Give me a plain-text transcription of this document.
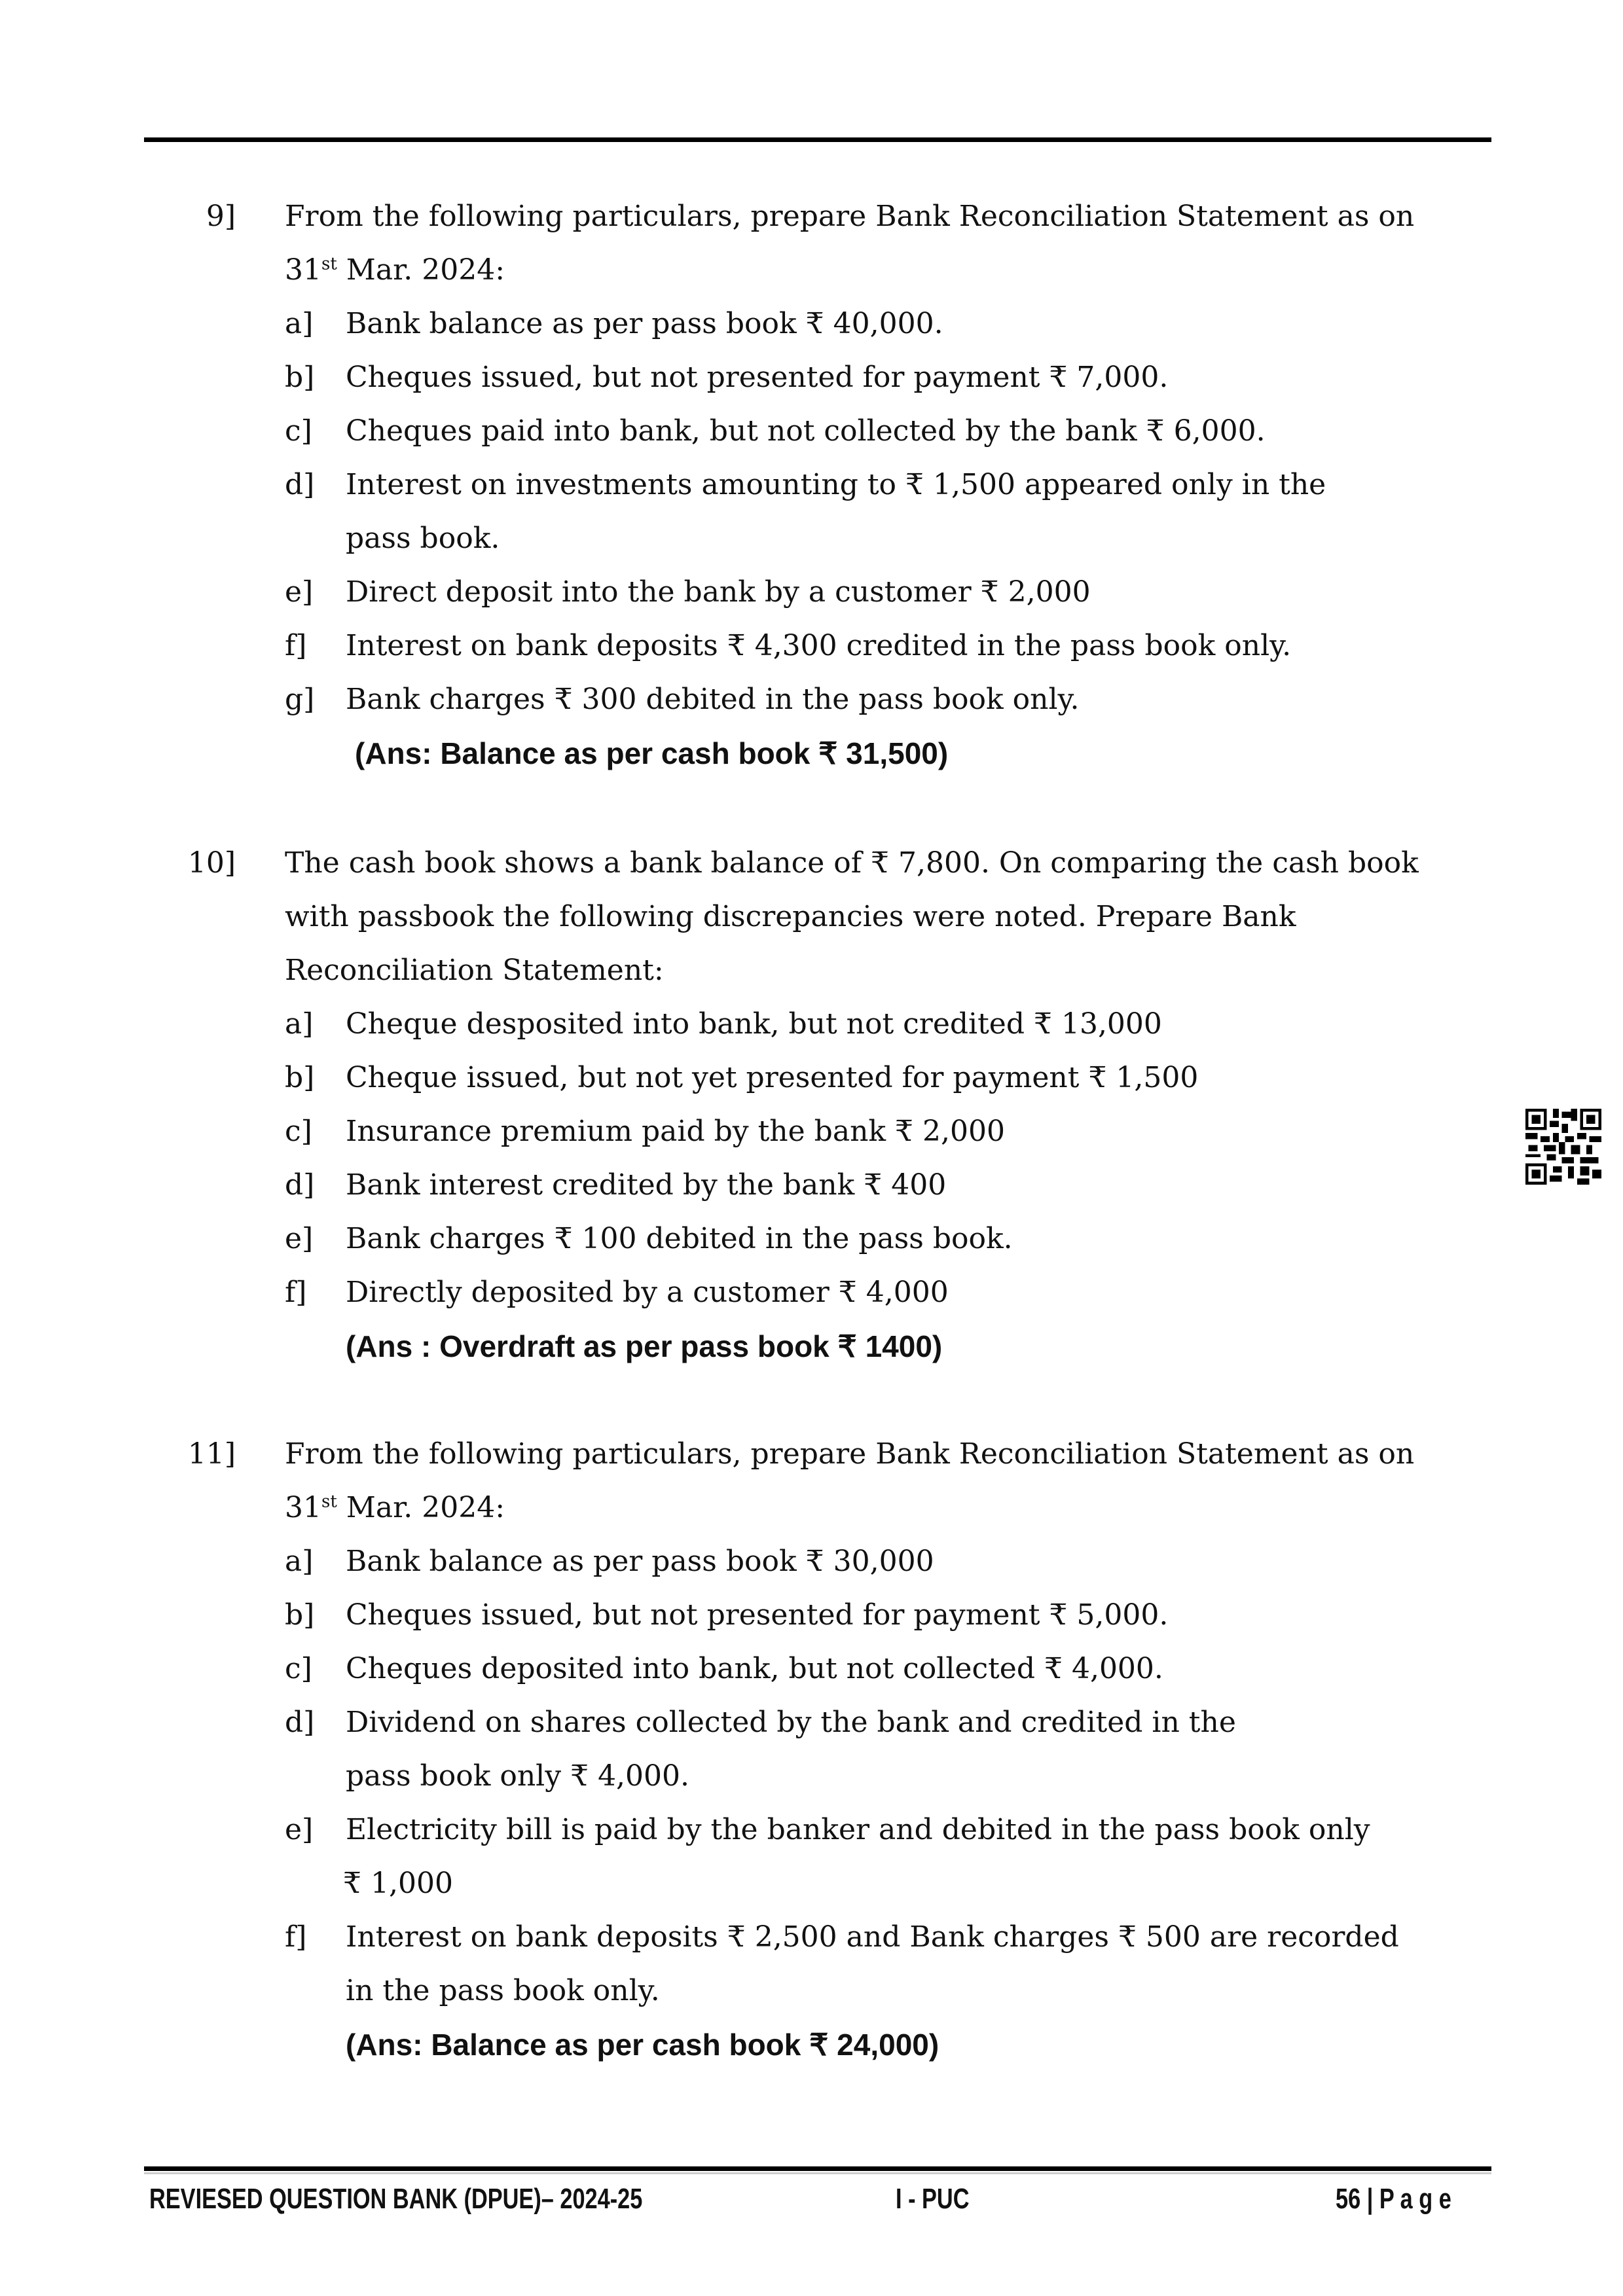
9] From the following particulars, prepare Bank Reconciliation Statement as on
31st Mar. 2024:
a] Bank balance as per pass book ₹ 40,000.
b] Cheques issued, but not presented for payment ₹ 7,000.
c] Cheques paid into bank, but not collected by the bank ₹ 6,000.
d] Interest on investments amounting to ₹ 1,500 appeared only in the
pass book.
e] Direct deposit into the bank by a customer ₹ 2,000
f] Interest on bank deposits ₹ 4,300 credited in the pass book only.
g] Bank charges ₹ 300 debited in the pass book only.
(Ans: Balance as per cash book ₹ 31,500)
10] The cash book shows a bank balance of ₹ 7,800. On comparing the cash book
with passbook the following discrepancies were noted. Prepare Bank
Reconciliation Statement:
a] Cheque desposited into bank, but not credited ₹ 13,000
b] Cheque issued, but not yet presented for payment ₹ 1,500
c] Insurance premium paid by the bank ₹ 2,000
d] Bank interest credited by the bank ₹ 400
e] Bank charges ₹ 100 debited in the pass book.
f] Directly deposited by a customer ₹ 4,000
(Ans : Overdraft as per pass book ₹ 1400)
11] From the following particulars, prepare Bank Reconciliation Statement as on
31st Mar. 2024:
a] Bank balance as per pass book ₹ 30,000
b] Cheques issued, but not presented for payment ₹ 5,000.
c] Cheques deposited into bank, but not collected ₹ 4,000.
d] Dividend on shares collected by the bank and credited in the
pass book only ₹ 4,000.
e] Electricity bill is paid by the banker and debited in the pass book only
₹ 1,000
f] Interest on bank deposits ₹ 2,500 and Bank charges ₹ 500 are recorded
in the pass book only.
(Ans: Balance as per cash book ₹ 24,000)
REVIESED QUESTION BANK (DPUE)– 2024-25	I - PUC	56 | P a g e
